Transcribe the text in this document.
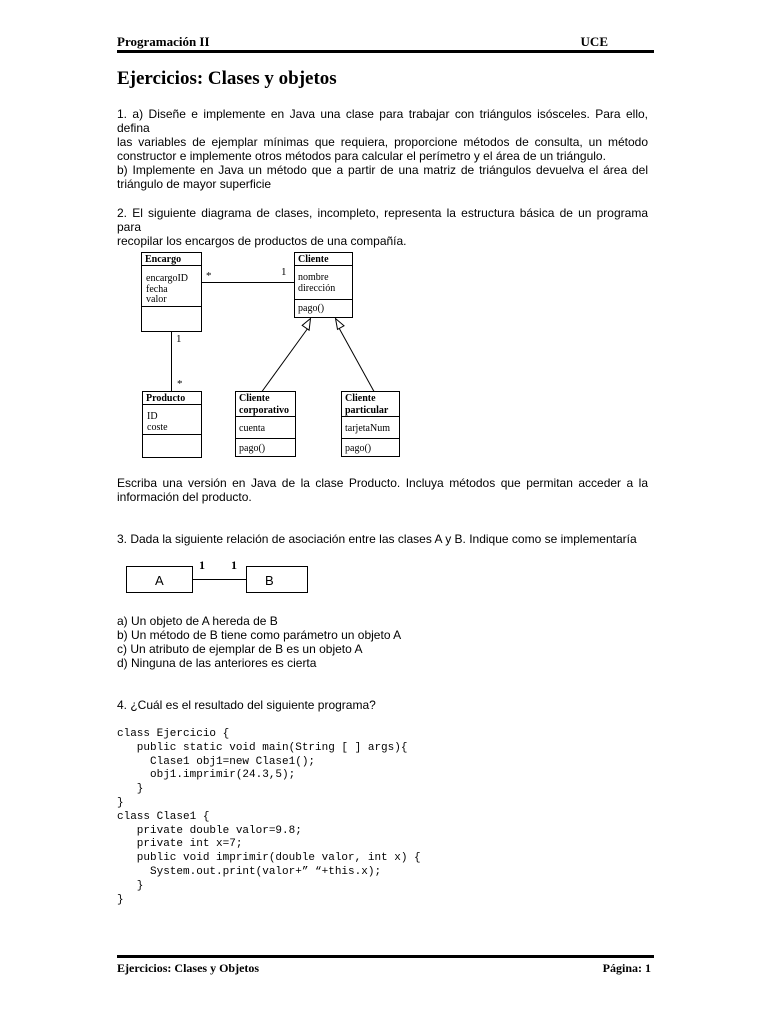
Programación II	UCE
Ejercicios: Clases y objetos
1. a) Diseñe e implemente en Java una clase para trabajar con triángulos isósceles. Para ello, defina
las variables de ejemplar mínimas que requiera, proporcione métodos de consulta, un método
constructor e implemente otros métodos para calcular el perímetro y el área de un triángulo.
b) Implemente en Java un método que a partir de una matriz de triángulos devuelva el área del
triángulo de mayor superficie
2. El siguiente diagrama de clases, incompleto, representa la estructura básica de un programa para
recopilar los encargos de productos de una compañía.
Encargo	Cliente
Producto	Cliente
corporativo
Cliente
particular
encargoID
fecha
valor
nombre
dirección
pago()
ID
coste	cuenta
pago()
tarjetaNum
pago()
*	1
1
*
Escriba una versión en Java de la clase Producto. Incluya métodos que permitan acceder a la
información del producto.
3. Dada la siguiente relación de asociación entre las clases A y B. Indique como se implementaría
A	B
1 1
a) Un objeto de A hereda de B
b) Un método de B tiene como parámetro un objeto A
c) Un atributo de ejemplar de B es un objeto A
d) Ninguna de las anteriores es cierta
4. ¿Cuál es el resultado del siguiente programa?
class Ejercicio {
public static void main(String [ ] args){
Clase1 obj1=new Clase1();
obj1.imprimir(24.3,5);
}
}
class Clase1 {
private double valor=9.8;
private int x=7;
public void imprimir(double valor, int x) {
System.out.print(valor+” “+this.x);
}
}
Ejercicios: Clases y Objetos	Página: 1
